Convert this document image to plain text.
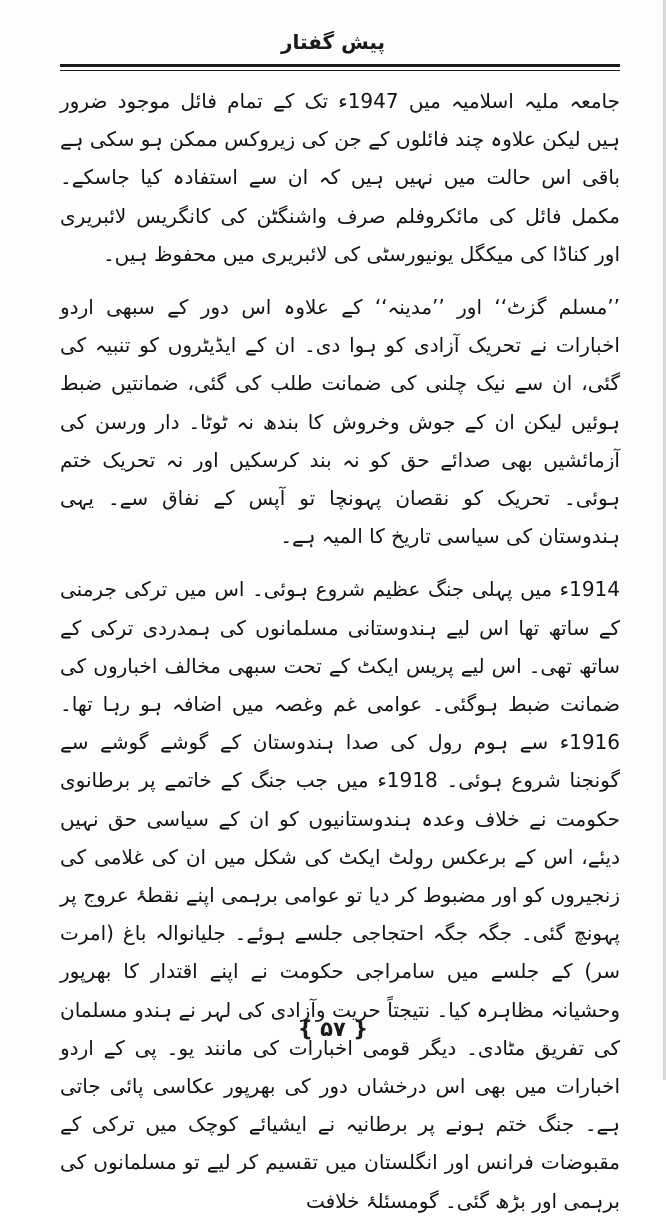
پیش گفتار

جامعہ ملیہ اسلامیہ میں 1947ء تک کے تمام فائل موجود ضرور ہیں لیکن علاوہ چند فائلوں کے جن کی زیروکس ممکن ہو سکی ہے باقی اس حالت میں نہیں ہیں کہ ان سے استفادہ کیا جاسکے۔ مکمل فائل کی مائکروفلم صرف واشنگٹن کی کانگریس لائبریری اور کناڈا کی میکگل یونیورسٹی کی لائبریری میں محفوظ ہیں۔

’’مسلم گزٹ‘‘ اور ’’مدینہ‘‘ کے علاوہ اس دور کے سبھی اردو اخبارات نے تحریک آزادی کو ہوا دی۔ ان کے ایڈیٹروں کو تنبیہ کی گئی، ان سے نیک چلنی کی ضمانت طلب کی گئی، ضمانتیں ضبط ہوئیں لیکن ان کے جوش وخروش کا بندھ نہ ٹوٹا۔ دار ورسن کی آزمائشیں بھی صدائے حق کو نہ بند کرسکیں اور نہ تحریک ختم ہوئی۔ تحریک کو نقصان پہونچا تو آپس کے نفاق سے۔ یہی ہندوستان کی سیاسی تاریخ کا المیہ ہے۔

1914ء میں پہلی جنگ عظیم شروع ہوئی۔ اس میں ترکی جرمنی کے ساتھ تھا اس لیے ہندوستانی مسلمانوں کی ہمدردی ترکی کے ساتھ تھی۔ اس لیے پریس ایکٹ کے تحت سبھی مخالف اخباروں کی ضمانت ضبط ہوگئی۔ عوامی غم وغصہ میں اضافہ ہو رہا تھا۔ 1916ء سے ہوم رول کی صدا ہندوستان کے گوشے گوشے سے گونجنا شروع ہوئی۔ 1918ء میں جب جنگ کے خاتمے پر برطانوی حکومت نے خلاف وعدہ ہندوستانیوں کو ان کے سیاسی حق نہیں دیئے، اس کے برعکس رولٹ ایکٹ کی شکل میں ان کی غلامی کی زنجیروں کو اور مضبوط کر دیا تو عوامی برہمی اپنے نقطۂ عروج پر پہونچ گئی۔ جگہ جگہ احتجاجی جلسے ہوئے۔ جلیانوالہ باغ (امرت سر) کے جلسے میں سامراجی حکومت نے اپنے اقتدار کا بھرپور وحشیانہ مظاہرہ کیا۔ نتیجتاً حریت وآزادی کی لہر نے ہندو مسلمان کی تفریق مٹادی۔ دیگر قومی اخبارات کی مانند یو۔ پی کے اردو اخبارات میں بھی اس درخشاں دور کی بھرپور عکاسی پائی جاتی ہے۔ جنگ ختم ہونے پر برطانیہ نے ایشیائے کوچک میں ترکی کے مقبوضات فرانس اور انگلستان میں تقسیم کر لیے تو مسلمانوں کی برہمی اور بڑھ گئی۔ گومسئلۂ خلافت

{ ۵۷ }
